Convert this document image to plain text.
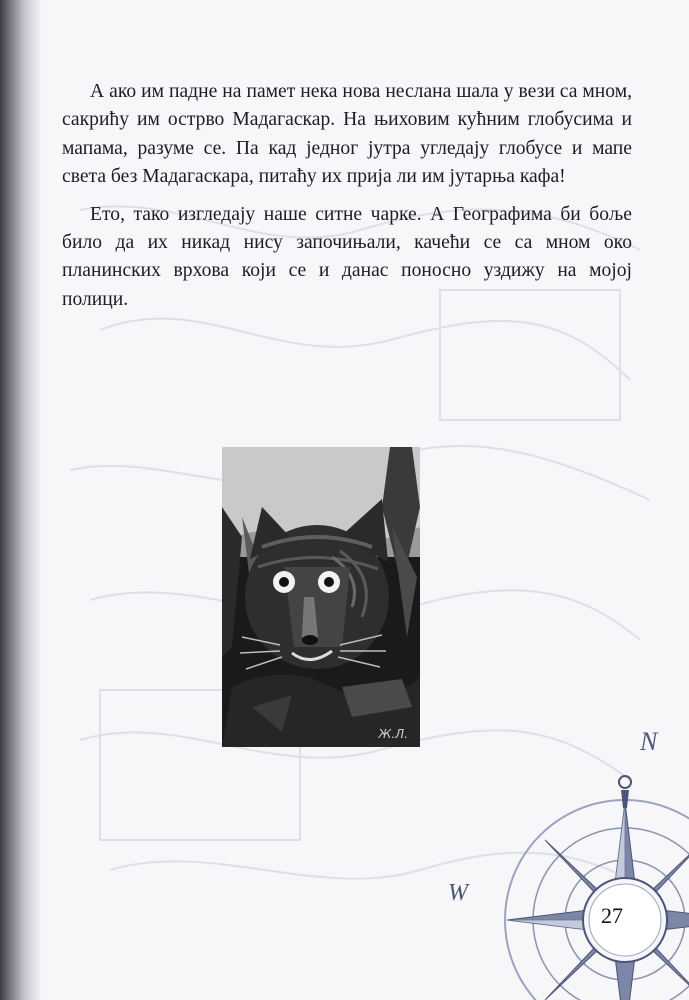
А ако им падне на памет нека нова неслана шала у вези са мном, сакрићу им острво Мадагаскар. На њиховим кућним глобусима и мапама, разуме се. Па кад једног јутра угледају глобусе и мапе света без Мадагаскара, питаћу их прија ли им јутарња кафа!

Ето, тако изгледају наше ситне чарке. А Географима би боље било да их никад нису започињали, качећи се са мном око планинских врхова који се и данас поносно уздижу на мојој полици.

Ж.Л.	N
W
27
